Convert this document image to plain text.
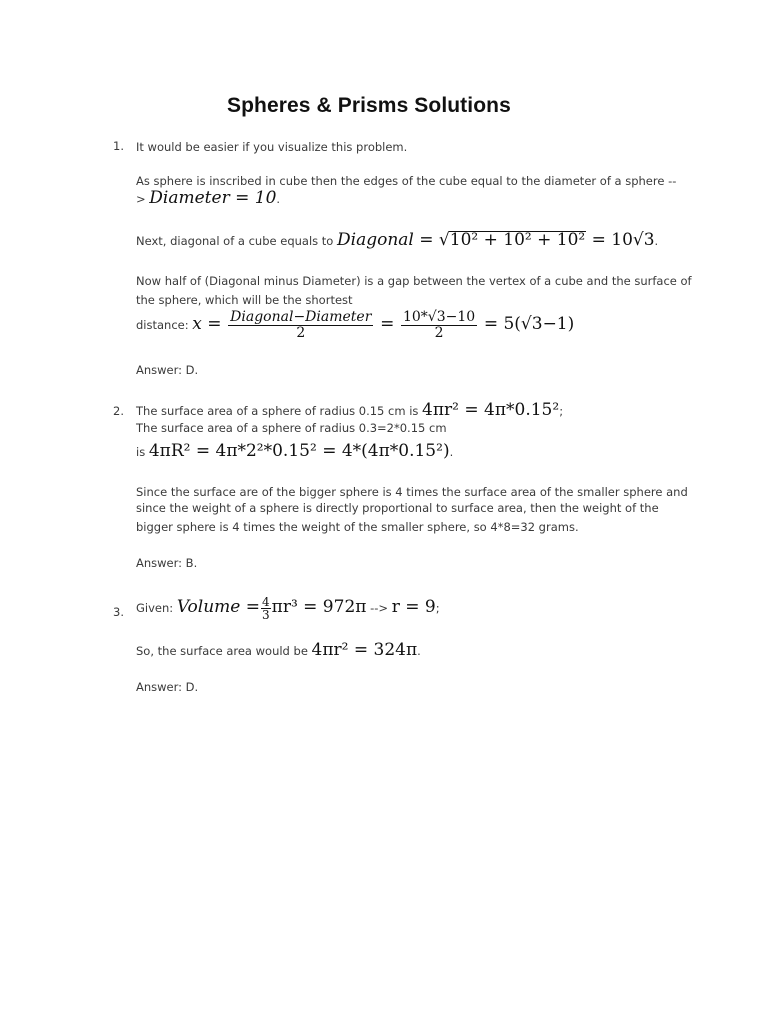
Spheres & Prisms Solutions
1. It would be easier if you visualize this problem.
As sphere is inscribed in cube then the edges of the cube equal to the diameter of a sphere --
> Diameter = 10.
Next, diagonal of a cube equals to Diagonal = √10² + 10² + 10² = 10√3.
Now half of (Diagonal minus Diameter) is a gap between the vertex of a cube and the surface of
the sphere, which will be the shortest
distance: $x = \frac{\text{Diagonal−Diameter}}{2} = \frac{10*√3-10}{2} = 5(√3-1)$
Answer: D.
2. The surface area of a sphere of radius 0.15 cm is 4πr² = 4π*0.15²;
The surface area of a sphere of radius 0.3=2*0.15 cm
is 4πR² = 4π*2²*0.15² = 4*(4π*0.15²).
Since the surface are of the bigger sphere is 4 times the surface area of the smaller sphere and
since the weight of a sphere is directly proportional to surface area, then the weight of the
bigger sphere is 4 times the weight of the smaller sphere, so 4*8=32 grams.
Answer: B.
3. Given: Volume = $\frac{4}{3} \pi r^3 = 972\pi$ --> r = 9;
So, the surface area would be 4πr² = 324π.
Answer: D.
